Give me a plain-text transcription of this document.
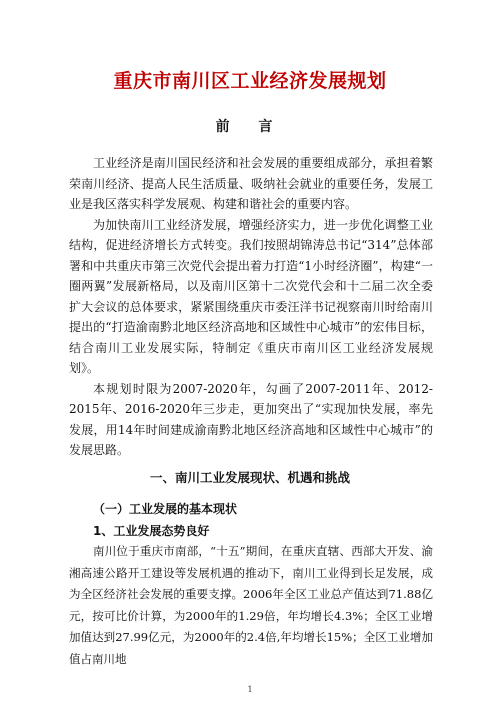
重庆市南川区工业经济发展规划
前 言

工业经济是南川国民经济和社会发展的重要组成部分，承担着繁荣南川经济、提高人民生活质量、吸纳社会就业的重要任务，发展工业是我区落实科学发展观、构建和谐社会的重要内容。

为加快南川工业经济发展，增强经济实力，进一步优化调整工业结构，促进经济增长方式转变。我们按照胡锦涛总书记“314”总体部署和中共重庆市第三次党代会提出着力打造“1小时经济圈”，构建“一圈两翼”发展新格局，以及南川区第十二次党代会和十二届二次全委扩大会议的总体要求，紧紧围绕重庆市委汪洋书记视察南川时给南川提出的“打造渝南黔北地区经济高地和区域性中心城市”的宏伟目标，结合南川工业发展实际，特制定《重庆市南川区工业经济发展规划》。

本规划时限为2007-2020年，勾画了2007-2011年、2012-2015年、2016-2020年三步走，更加突出了“实现加快发展，率先发展，用14年时间建成渝南黔北地区经济高地和区域性中心城市”的发展思路。

一、南川工业发展现状、机遇和挑战
（一）工业发展的基本现状
1、工业发展态势良好

南川位于重庆市南部，“十五”期间，在重庆直辖、西部大开发、渝湘高速公路开工建设等发展机遇的推动下，南川工业得到长足发展，成为全区经济社会发展的重要支撑。2006年全区工业总产值达到71.88亿元，按可比价计算，为2000年的1.29倍，年均增长4.3%；全区工业增加值达到27.99亿元，为2000年的2.4倍,年均增长15%；全区工业增加值占南川地

1
